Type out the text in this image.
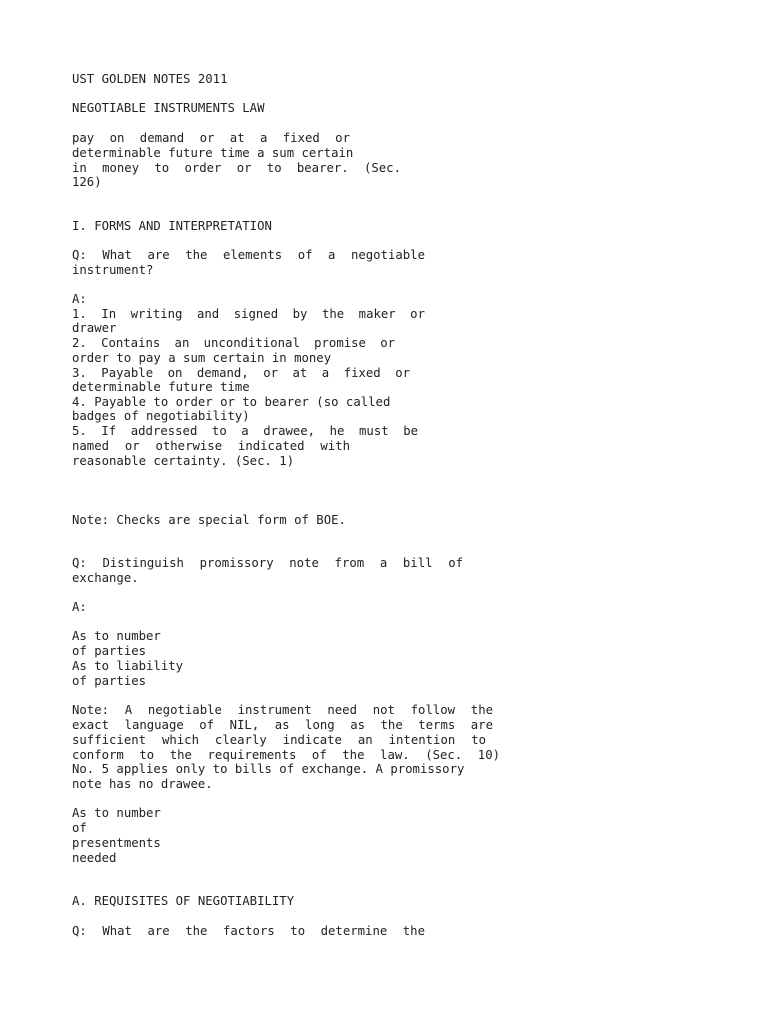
UST GOLDEN NOTES 2011

NEGOTIABLE INSTRUMENTS LAW

pay on demand or at a fixed or

determinable future time a sum certain

in money to order or to bearer. (Sec.

126)

I. FORMS AND INTERPRETATION

Q: What are the elements of a negotiable

instrument?

A:

1. In writing and signed by the maker or

drawer

2. Contains an unconditional promise or

order to pay a sum certain in money

3. Payable on demand, or at a fixed or

determinable future time

4. Payable to order or to bearer (so called

badges of negotiability)

5. If addressed to a drawee, he must be

named or otherwise indicated with

reasonable certainty. (Sec. 1)

Note: Checks are special form of BOE.

Q: Distinguish promissory note from a bill of

exchange.

A:

As to number

of parties

As to liability

of parties

Note: A negotiable instrument need not follow the

exact language of NIL, as long as the terms are

sufficient which clearly indicate an intention to

conform to the requirements of the law. (Sec. 10)

No. 5 applies only to bills of exchange. A promissory

note has no drawee.

As to number

of

presentments

needed

A. REQUISITES OF NEGOTIABILITY

Q: What are the factors to determine the
